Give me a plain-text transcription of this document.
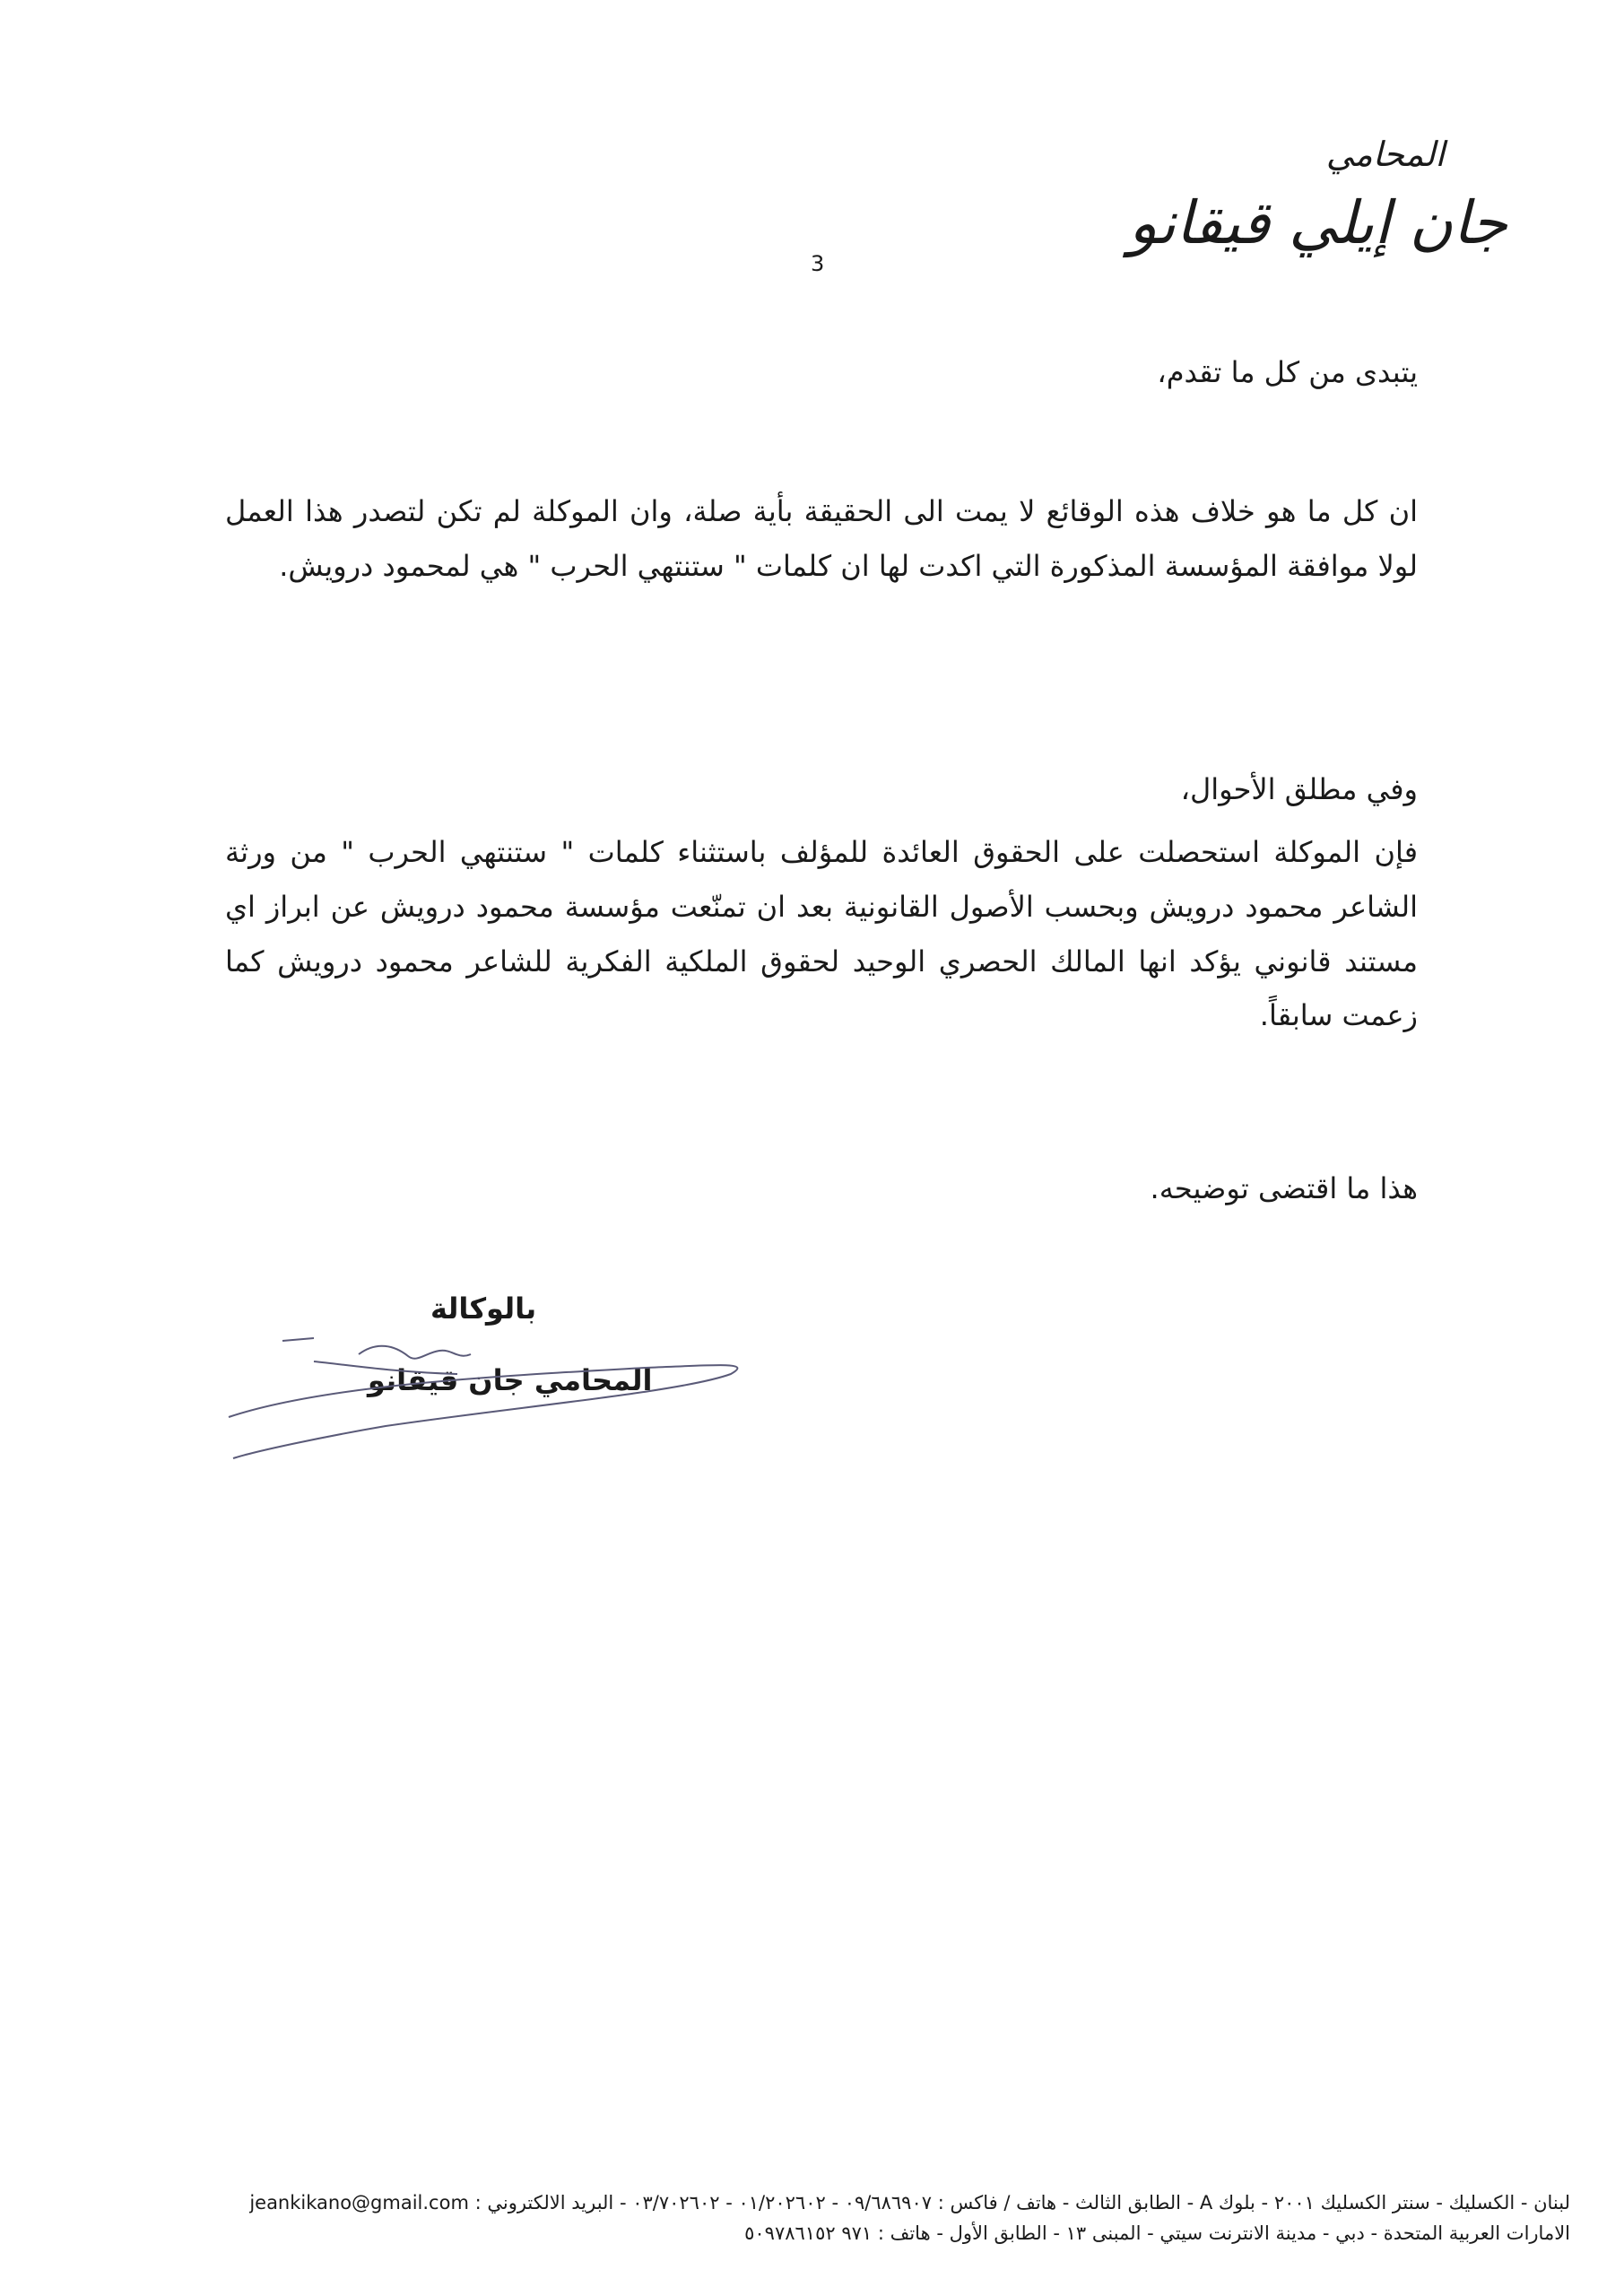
المحامي
جان إيلي قيقانو
3

يتبدى من كل ما تقدم،

ان كل ما هو خلاف هذه الوقائع لا يمت الى الحقيقة بأية صلة، وان الموكلة لم تكن لتصدر هذا العمل لولا موافقة المؤسسة المذكورة التي اكدت لها ان كلمات " ستنتهي الحرب " هي لمحمود درويش.

وفي مطلق الأحوال،

فإن الموكلة استحصلت على الحقوق العائدة للمؤلف باستثناء كلمات " ستنتهي الحرب " من ورثة الشاعر محمود درويش وبحسب الأصول القانونية بعد ان تمنّعت مؤسسة محمود درويش عن ابراز اي مستند قانوني يؤكد انها المالك الحصري الوحيد لحقوق الملكية الفكرية للشاعر محمود درويش كما زعمت سابقاً.

هذا ما اقتضى توضيحه.

بالوكالة
المحامي جان قيقانو
لبنان - الكسليك - سنتر الكسليك ٢٠٠١ - بلوك A - الطابق الثالث - هاتف / فاكس : ٠٩/٦٨٦٩٠٧ - ٠١/٢٠٢٦٠٢ - ٠٣/٧٠٢٦٠٢ - البريد الالكتروني : jeankikano@gmail.com
الامارات العربية المتحدة - دبي - مدينة الانترنت سيتي - المبنى ١٣ - الطابق الأول - هاتف : ٩٧١ ٥٠٩٧٨٦١٥٢
